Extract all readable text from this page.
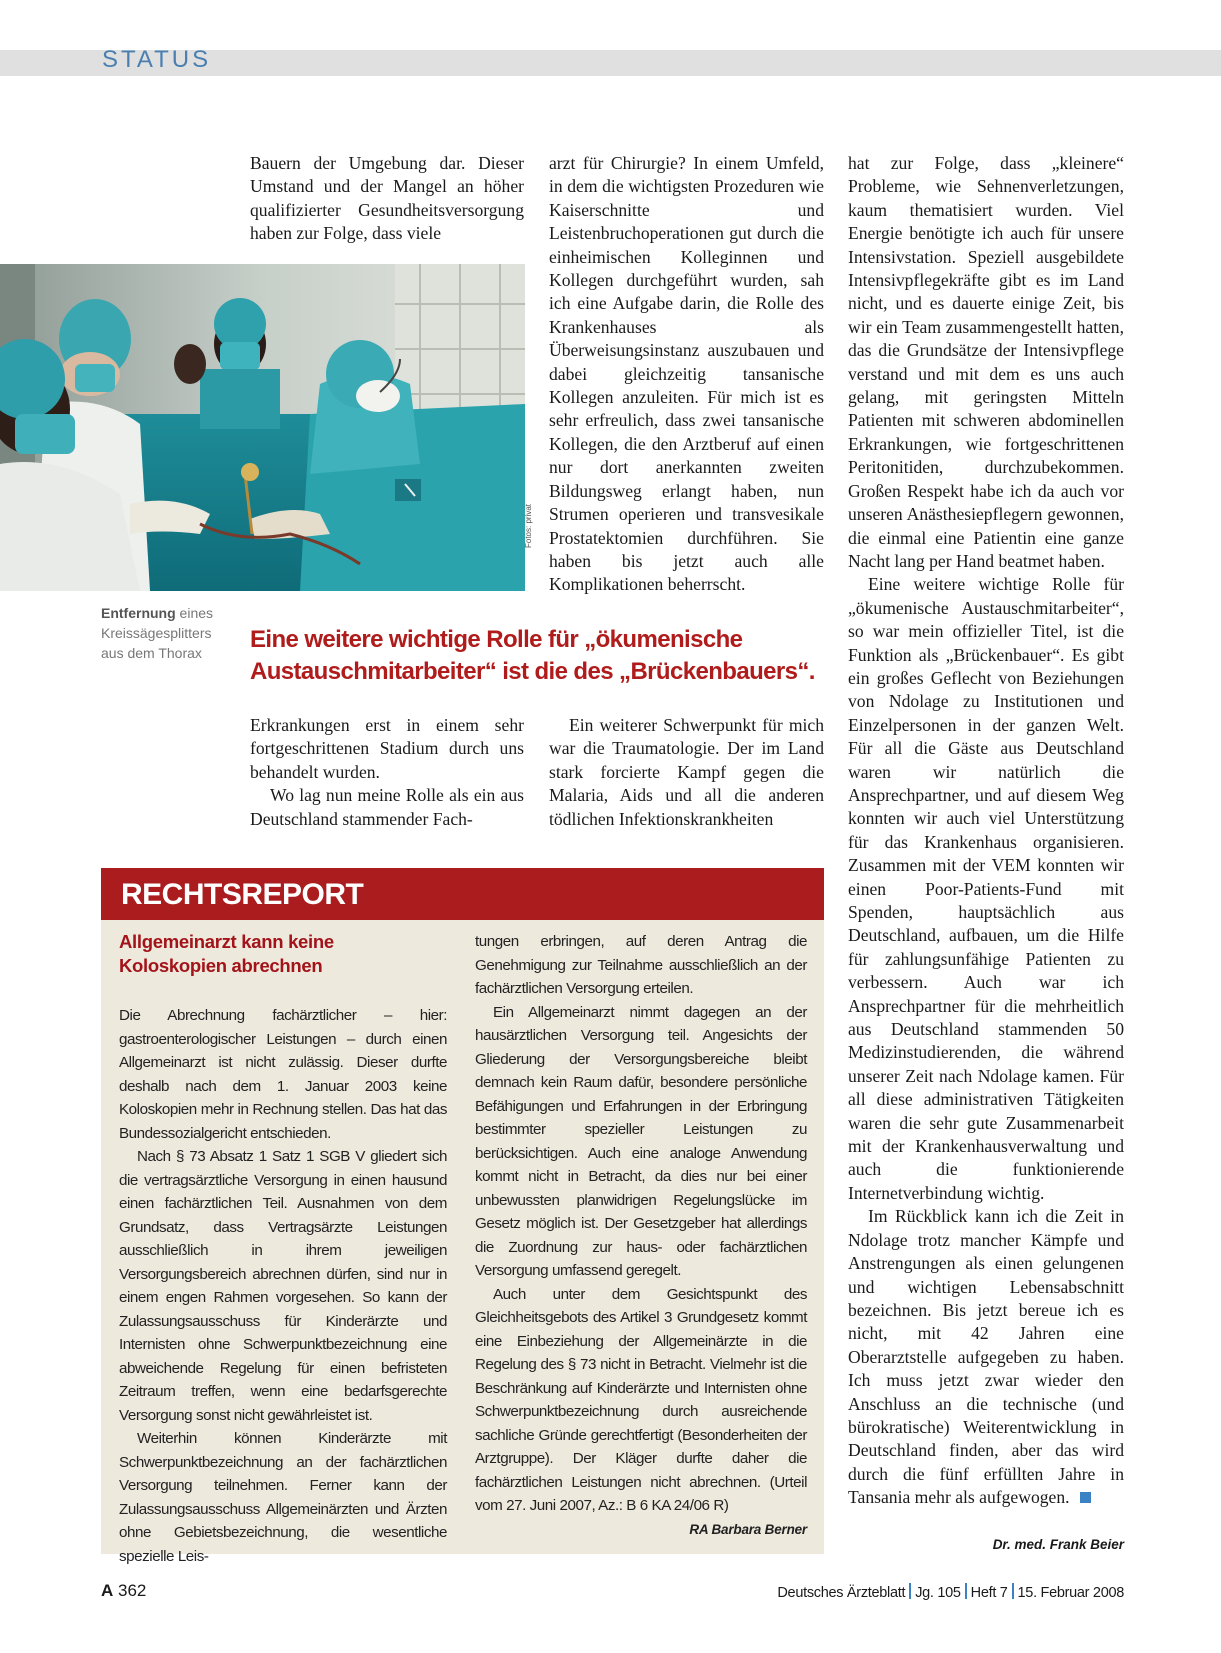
STATUS

Bauern der Umgebung dar. Dieser Umstand und der Mangel an höher qualifizierter Gesundheitsversorgung haben zur Folge, dass viele

Fotos: privat

arzt für Chirurgie? In einem Umfeld, in dem die wichtigsten Prozeduren wie Kaiserschnitte und Leistenbruchoperationen gut durch die einheimischen Kolleginnen und Kollegen durchgeführt wurden, sah ich eine Aufgabe darin, die Rolle des Krankenhauses als Überweisungsinstanz auszubauen und dabei gleichzeitig tansanische Kollegen anzuleiten. Für mich ist es sehr erfreulich, dass zwei tansanische Kollegen, die den Arztberuf auf einen nur dort anerkannten zweiten Bildungsweg erlangt haben, nun Strumen operieren und transvesikale Prostatektomien durchführen. Sie haben bis jetzt auch alle Komplikationen beherrscht.

Entfernung eines Kreissägesplitters aus dem Thorax	Eine weitere wichtige Rolle für „ökumenische Austauschmitarbeiter“ ist die des „Brückenbauers“.

Erkrankungen erst in einem sehr fortgeschrittenen Stadium durch uns behandelt wurden.

Wo lag nun meine Rolle als ein aus Deutschland stammender Fach-

Ein weiterer Schwerpunkt für mich war die Traumatologie. Der im Land stark forcierte Kampf gegen die Malaria, Aids und all die anderen tödlichen Infektionskrankheiten

hat zur Folge, dass „kleinere“ Probleme, wie Sehnenverletzungen, kaum thematisiert wurden. Viel Energie benötigte ich auch für unsere Intensivstation. Speziell ausgebildete Intensivpflegekräfte gibt es im Land nicht, und es dauerte einige Zeit, bis wir ein Team zusammengestellt hatten, das die Grundsätze der Intensivpflege verstand und mit dem es uns auch gelang, mit geringsten Mitteln Patienten mit schweren abdominellen Erkrankungen, wie fortgeschrittenen Peritonitiden, durchzubekommen. Großen Respekt habe ich da auch vor unseren Anästhesiepflegern gewonnen, die einmal eine Patientin eine ganze Nacht lang per Hand beatmet haben.

Eine weitere wichtige Rolle für „ökumenische Austauschmitarbeiter“, so war mein offizieller Titel, ist die Funktion als „Brückenbauer“. Es gibt ein großes Geflecht von Beziehungen von Ndolage zu Institutionen und Einzelpersonen in der ganzen Welt. Für all die Gäste aus Deutschland waren wir natürlich die Ansprechpartner, und auf diesem Weg konnten wir auch viel Unterstützung für das Krankenhaus organisieren. Zusammen mit der VEM konnten wir einen Poor-Patients-Fund mit Spenden, hauptsächlich aus Deutschland, aufbauen, um die Hilfe für zahlungsunfähige Patienten zu verbessern. Auch war ich Ansprechpartner für die mehrheitlich aus Deutschland stammenden 50 Medizinstudierenden, die während unserer Zeit nach Ndolage kamen. Für all diese administrativen Tätigkeiten waren die sehr gute Zusammenarbeit mit der Krankenhausverwaltung und auch die funktionierende Internetverbindung wichtig.

Im Rückblick kann ich die Zeit in Ndolage trotz mancher Kämpfe und Anstrengungen als einen gelungenen und wichtigen Lebensabschnitt bezeichnen. Bis jetzt bereue ich es nicht, mit 42 Jahren eine Oberarztstelle aufgegeben zu haben. Ich muss jetzt zwar wieder den Anschluss an die technische (und bürokratische) Weiterentwicklung in Deutschland finden, aber das wird durch die fünf erfüllten Jahre in Tansania mehr als aufgewogen.

Dr. med. Frank Beier
RECHTSREPORT
Allgemeinarzt kann keine Koloskopien abrechnen

Die Abrechnung fachärztlicher – hier: gastroenterologischer Leistungen – durch einen Allgemeinarzt ist nicht zulässig. Dieser durfte deshalb nach dem 1. Januar 2003 keine Koloskopien mehr in Rechnung stellen. Das hat das Bundessozialgericht entschieden.

Nach § 73 Absatz 1 Satz 1 SGB V gliedert sich die vertragsärztliche Versorgung in einen hausund einen fachärztlichen Teil. Ausnahmen von dem Grundsatz, dass Vertragsärzte Leistungen ausschließlich in ihrem jeweiligen Versorgungsbereich abrechnen dürfen, sind nur in einem engen Rahmen vorgesehen. So kann der Zulassungsausschuss für Kinderärzte und Internisten ohne Schwerpunktbezeichnung eine abweichende Regelung für einen befristeten Zeitraum treffen, wenn eine bedarfsgerechte Versorgung sonst nicht gewährleistet ist.

Weiterhin können Kinderärzte mit Schwerpunktbezeichnung an der fachärztlichen Versorgung teilnehmen. Ferner kann der Zulassungsausschuss Allgemeinärzten und Ärzten ohne Gebietsbezeichnung, die wesentliche spezielle Leis-

tungen erbringen, auf deren Antrag die Genehmigung zur Teilnahme ausschließlich an der fachärztlichen Versorgung erteilen.

Ein Allgemeinarzt nimmt dagegen an der hausärztlichen Versorgung teil. Angesichts der Gliederung der Versorgungsbereiche bleibt demnach kein Raum dafür, besondere persönliche Befähigungen und Erfahrungen in der Erbringung bestimmter spezieller Leistungen zu berücksichtigen. Auch eine analoge Anwendung kommt nicht in Betracht, da dies nur bei einer unbewussten planwidrigen Regelungslücke im Gesetz möglich ist. Der Gesetzgeber hat allerdings die Zuordnung zur haus- oder fachärztlichen Versorgung umfassend geregelt.

Auch unter dem Gesichtspunkt des Gleichheitsgebots des Artikel 3 Grundgesetz kommt eine Einbeziehung der Allgemeinärzte in die Regelung des § 73 nicht in Betracht. Vielmehr ist die Beschränkung auf Kinderärzte und Internisten ohne Schwerpunktbezeichnung durch ausreichende sachliche Gründe gerechtfertigt (Besonderheiten der Arztgruppe). Der Kläger durfte daher die fachärztlichen Leistungen nicht abrechnen. (Urteil vom 27. Juni 2007, Az.: B 6 KA 24/06 R)
RA Barbara Berner

A 362	Deutsches Ärzteblatt Jg. 105 Heft 7 15. Februar 2008
